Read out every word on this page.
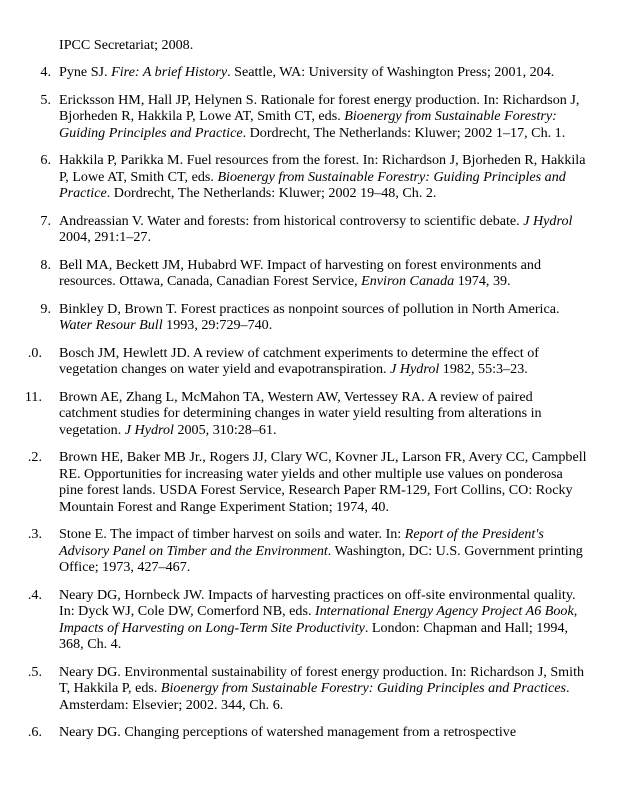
IPCC Secretariat; 2008.

4. Pyne SJ. Fire: A brief History. Seattle, WA: University of Washington Press; 2001, 204.
5. Ericksson HM, Hall JP, Helynen S. Rationale for forest energy production. In: Richardson J, Bjorheden R, Hakkila P, Lowe AT, Smith CT, eds. Bioenergy from Sustainable Forestry: Guiding Principles and Practice. Dordrecht, The Netherlands: Kluwer; 2002 1–17, Ch. 1.
6. Hakkila P, Parikka M. Fuel resources from the forest. In: Richardson J, Bjorheden R, Hakkila P, Lowe AT, Smith CT, eds. Bioenergy from Sustainable Forestry: Guiding Principles and Practice. Dordrecht, The Netherlands: Kluwer; 2002 19–48, Ch. 2.
7. Andreassian V. Water and forests: from historical controversy to scientific debate. J Hydrol 2004, 291:1–27.
8. Bell MA, Beckett JM, Hubabrd WF. Impact of harvesting on forest environments and resources. Ottawa, Canada, Canadian Forest Service, Environ Canada 1974, 39.
9. Binkley D, Brown T. Forest practices as nonpoint sources of pollution in North America. Water Resour Bull 1993, 29:729–740.
.0. Bosch JM, Hewlett JD. A review of catchment experiments to determine the effect of vegetation changes on water yield and evapotranspiration. J Hydrol 1982, 55:3–23.
11. Brown AE, Zhang L, McMahon TA, Western AW, Vertessey RA. A review of paired catchment studies for determining changes in water yield resulting from alterations in vegetation. J Hydrol 2005, 310:28–61.
.2. Brown HE, Baker MB Jr., Rogers JJ, Clary WC, Kovner JL, Larson FR, Avery CC, Campbell RE. Opportunities for increasing water yields and other multiple use values on ponderosa pine forest lands. USDA Forest Service, Research Paper RM-129, Fort Collins, CO: Rocky Mountain Forest and Range Experiment Station; 1974, 40.
.3. Stone E. The impact of timber harvest on soils and water. In: Report of the President's Advisory Panel on Timber and the Environment. Washington, DC: U.S. Government printing Office; 1973, 427–467.
.4. Neary DG, Hornbeck JW. Impacts of harvesting practices on off-site environmental quality. In: Dyck WJ, Cole DW, Comerford NB, eds. International Energy Agency Project A6 Book, Impacts of Harvesting on Long-Term Site Productivity. London: Chapman and Hall; 1994, 368, Ch. 4.
.5. Neary DG. Environmental sustainability of forest energy production. In: Richardson J, Smith T, Hakkila P, eds. Bioenergy from Sustainable Forestry: Guiding Principles and Practices. Amsterdam: Elsevier; 2002. 344, Ch. 6.
.6. Neary DG. Changing perceptions of watershed management from a retrospective
